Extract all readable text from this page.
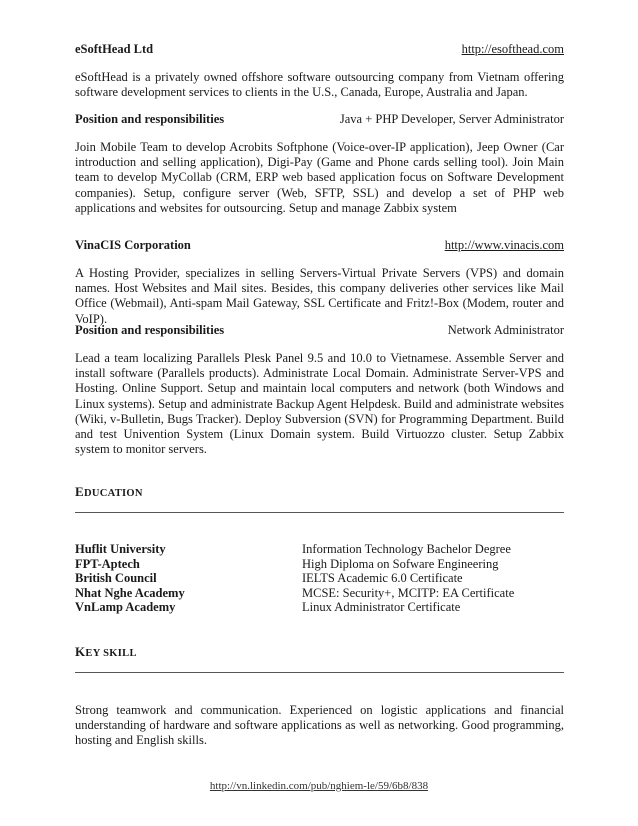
eSoftHead Ltd	http://esofthead.com

eSoftHead is a privately owned offshore software outsourcing company from Vietnam offering software development services to clients in the U.S., Canada, Europe, Australia and Japan.

Position and responsibilities	Java + PHP Developer, Server Administrator

Join Mobile Team to develop Acrobits Softphone (Voice-over-IP application), Jeep Owner (Car introduction and selling application), Digi-Pay (Game and Phone cards selling tool). Join Main team to develop MyCollab (CRM, ERP web based application focus on Software Development companies). Setup, configure server (Web, SFTP, SSL) and develop a set of PHP web applications and websites for outsourcing. Setup and manage Zabbix system

VinaCIS Corporation	http://www.vinacis.com

A Hosting Provider, specializes in selling Servers-Virtual Private Servers (VPS) and domain names. Host Websites and Mail sites. Besides, this company deliveries other services like Mail Office (Webmail), Anti-spam Mail Gateway, SSL Certificate and Fritz!-Box (Modem, router and VoIP).

Position and responsibilities	Network Administrator

Lead a team localizing Parallels Plesk Panel 9.5 and 10.0 to Vietnamese. Assemble Server and install software (Parallels products). Administrate Local Domain. Administrate Server-VPS and Hosting. Online Support. Setup and maintain local computers and network (both Windows and Linux systems). Setup and administrate Backup Agent Helpdesk. Build and administrate websites (Wiki, v-Bulletin, Bugs Tracker). Deploy Subversion (SVN) for Programming Department. Build and test Univention System (Linux Domain system. Build Virtuozzo cluster. Setup Zabbix system to monitor servers.

EDUCATION
Huflit University	Information Technology Bachelor Degree
FPT-Aptech	High Diploma on Sofware Engineering
British Council	IELTS Academic 6.0 Certificate
Nhat Nghe Academy	MCSE: Security+, MCITP: EA Certificate
VnLamp Academy	Linux Administrator Certificate
KEY SKILL

Strong teamwork and communication. Experienced on logistic applications and financial understanding of hardware and software applications as well as networking. Good programming, hosting and English skills.

http://vn.linkedin.com/pub/nghiem-le/59/6b8/838
